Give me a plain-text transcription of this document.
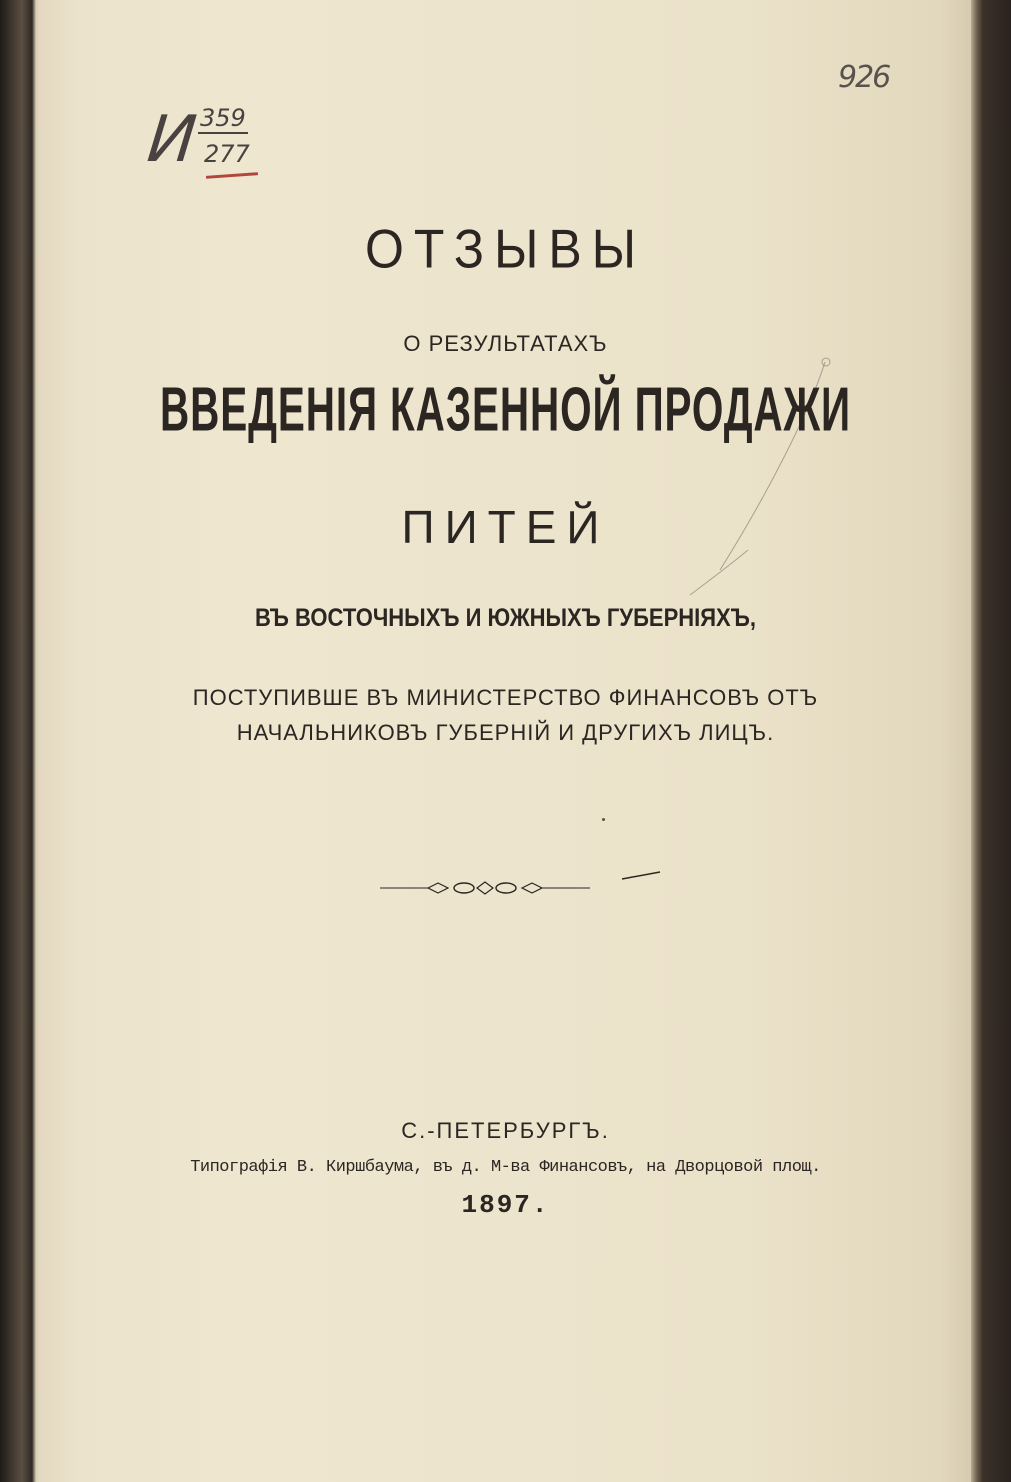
И 359
277
926
ОТЗЫВЫ
О РЕЗУЛЬТАТАХЪ
ВВЕДЕНІЯ КАЗЕННОЙ ПРОДАЖИ
ПИТЕЙ
ВЪ ВОСТОЧНЫХЪ И ЮЖНЫХЪ ГУБЕРНІЯХЪ,

ПОСТУПИВШЕ ВЪ МИНИСТЕРСТВО ФИНАНСОВЪ ОТЪ
НАЧАЛЬНИКОВЪ ГУБЕРНІЙ И ДРУГИХЪ ЛИЦЪ.
С.-ПЕТЕРБУРГЪ.
Типографія В. Киршбаума, въ д. М-ва Финансовъ, на Дворцовой площ.
1897.
